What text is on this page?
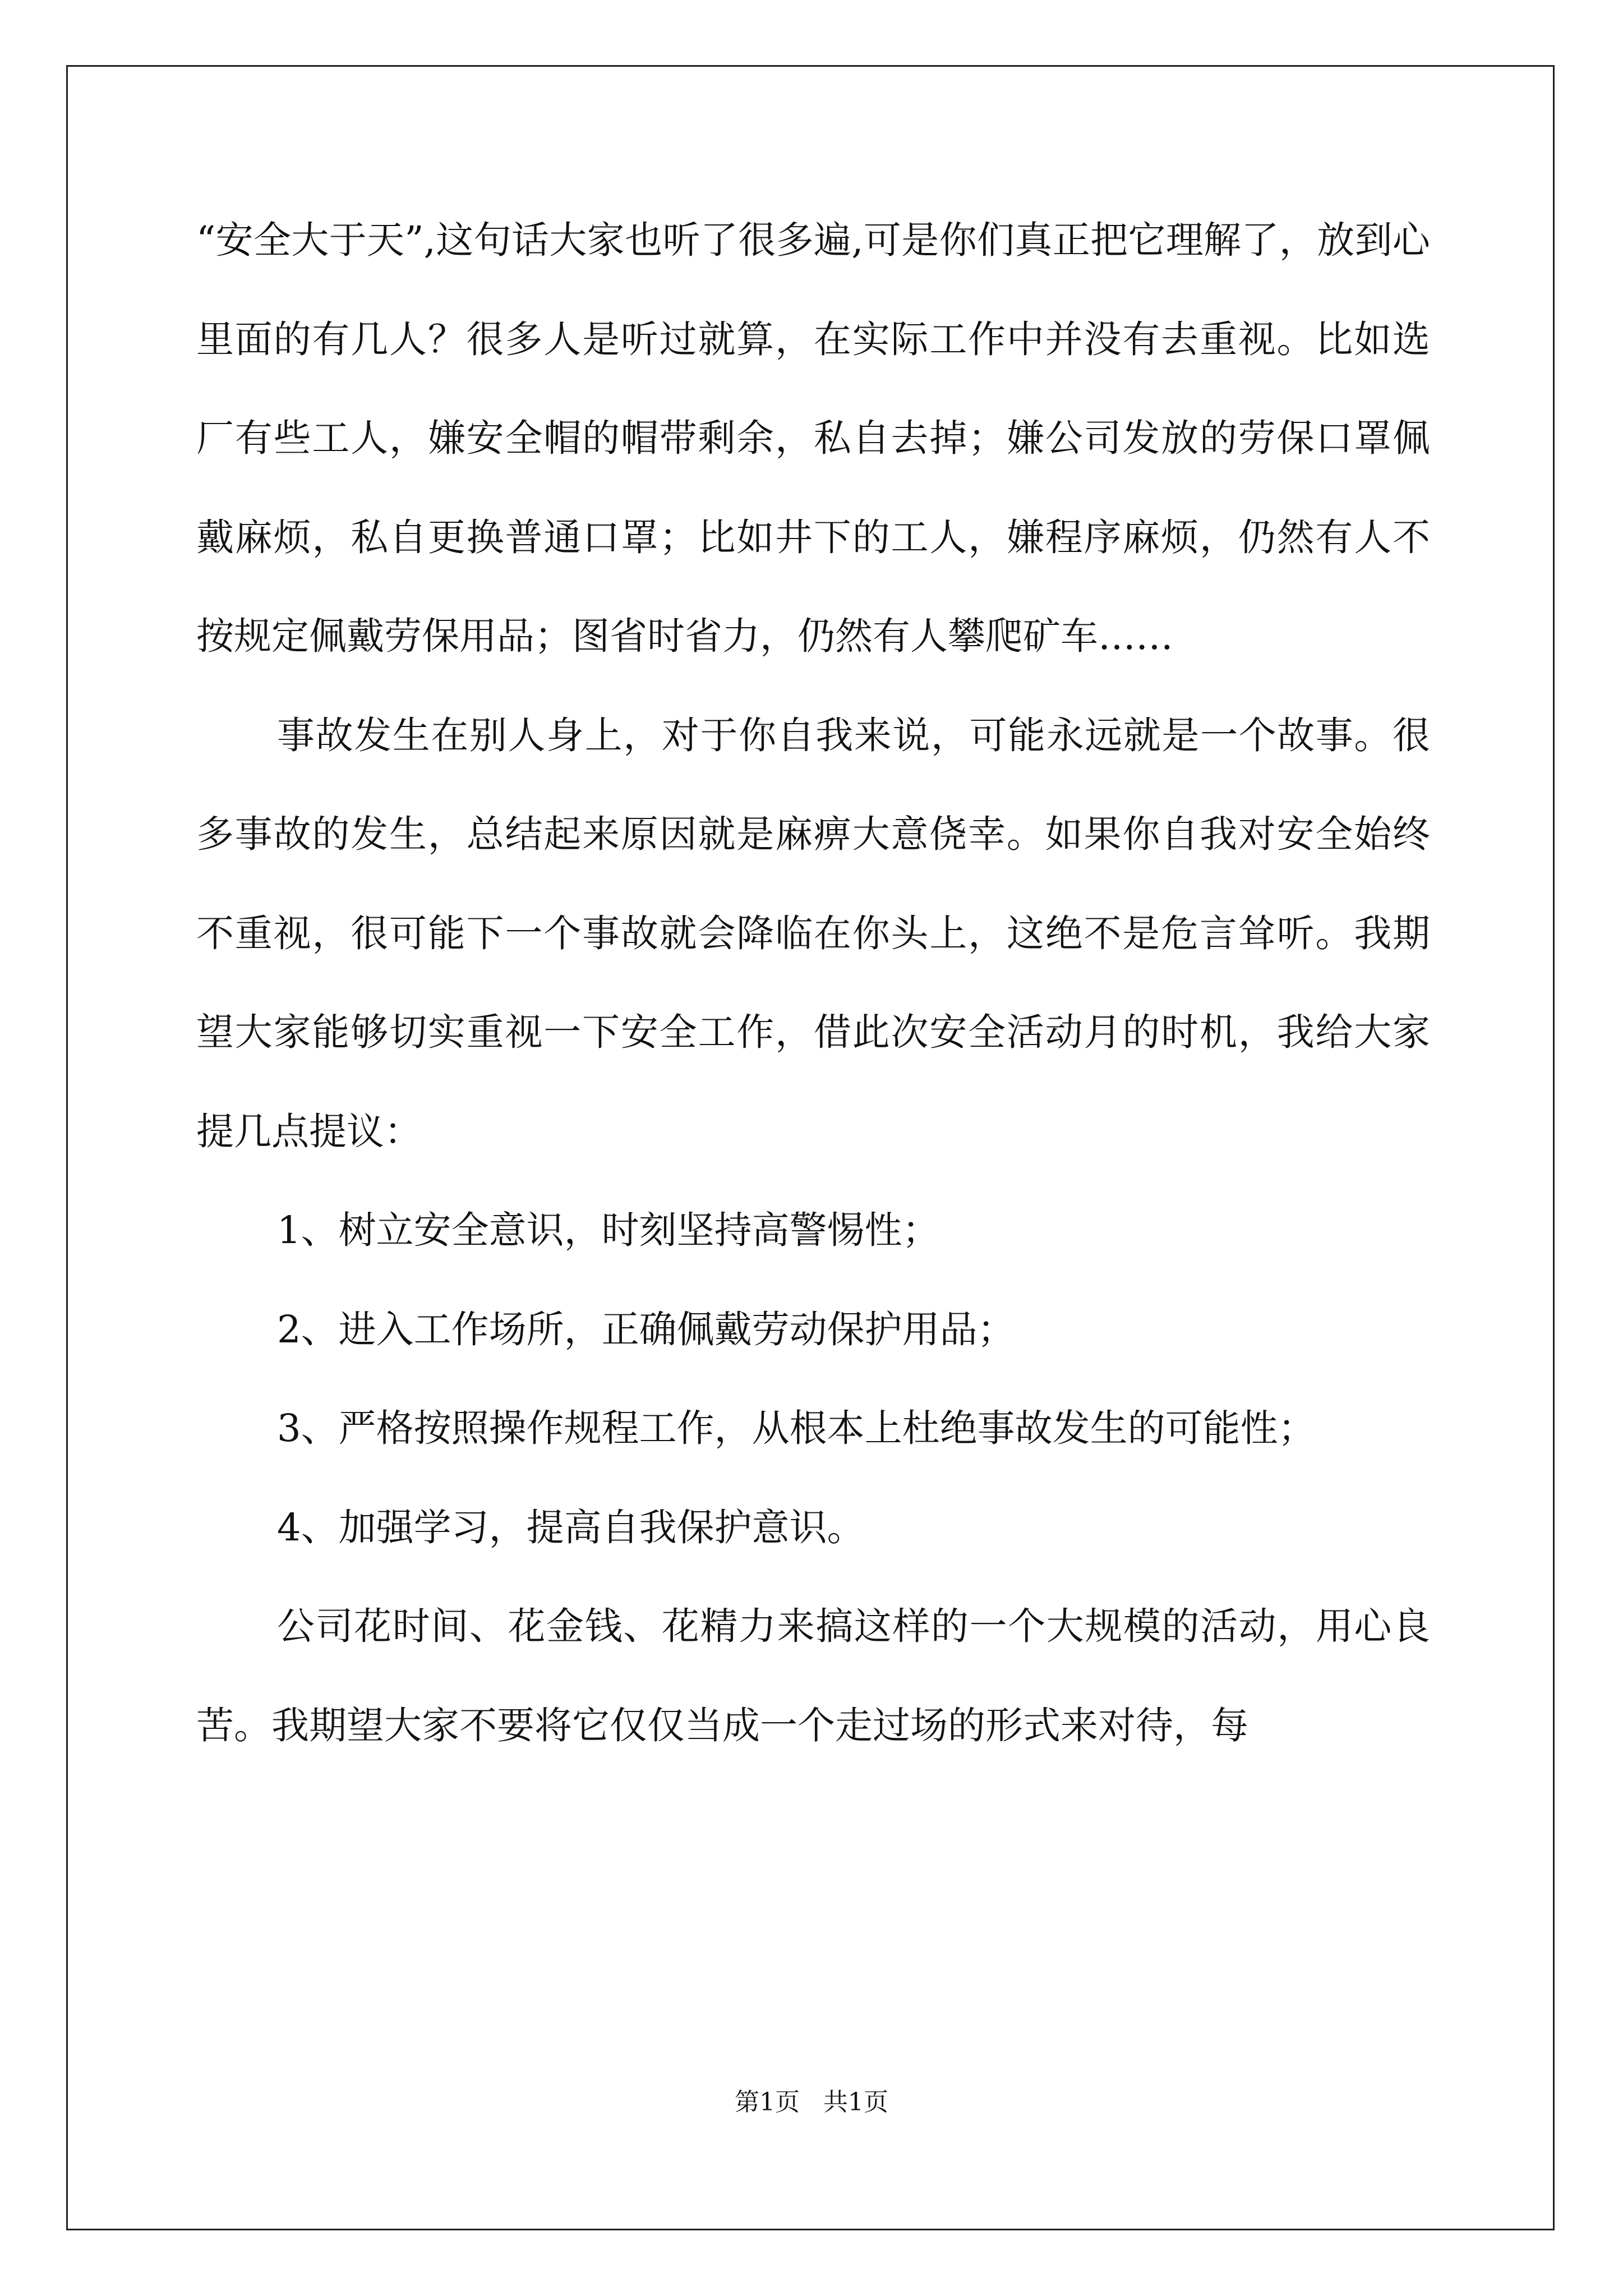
“安全大于天”,这句话大家也听了很多遍,可是你们真正把它理解了，放到心里面的有几人？很多人是听过就算，在实际工作中并没有去重视。比如选厂有些工人，嫌安全帽的帽带剩余，私自去掉；嫌公司发放的劳保口罩佩戴麻烦，私自更换普通口罩；比如井下的工人，嫌程序麻烦，仍然有人不按规定佩戴劳保用品；图省时省力，仍然有人攀爬矿车……

事故发生在别人身上，对于你自我来说，可能永远就是一个故事。很多事故的发生，总结起来原因就是麻痹大意侥幸。如果你自我对安全始终不重视，很可能下一个事故就会降临在你头上，这绝不是危言耸听。我期望大家能够切实重视一下安全工作，借此次安全活动月的时机，我给大家提几点提议：

1、树立安全意识，时刻坚持高警惕性；

2、进入工作场所，正确佩戴劳动保护用品；

3、严格按照操作规程工作，从根本上杜绝事故发生的可能性；

4、加强学习，提高自我保护意识。

公司花时间、花金钱、花精力来搞这样的一个大规模的活动，用心良苦。我期望大家不要将它仅仅当成一个走过场的形式来对待，每

第1页   共1页
